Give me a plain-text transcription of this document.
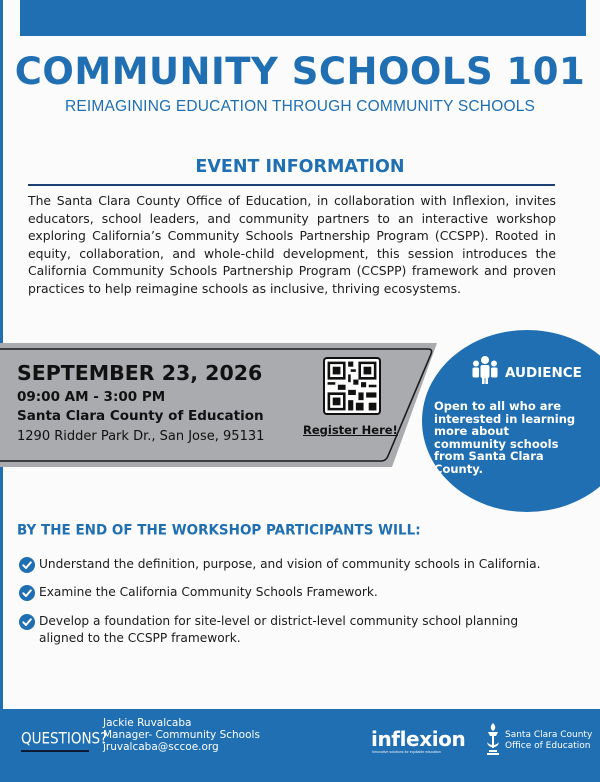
COMMUNITY SCHOOLS 101
REIMAGINING EDUCATION THROUGH COMMUNITY SCHOOLS
EVENT INFORMATION

The Santa Clara County Office of Education, in collaboration with Inflexion, invites educators, school leaders, and community partners to an interactive workshop exploring California’s Community Schools Partnership Program (CCSPP). Rooted in equity, collaboration, and whole-child development, this session introduces the California Community Schools Partnership Program (CCSPP) framework and proven practices to help reimagine schools as inclusive, thriving ecosystems.

SEPTEMBER 23, 2026
09:00 AM - 3:00 PM
Santa Clara County of Education
1290 Ridder Park Dr., San Jose, 95131	Register Here!
AUDIENCE
Open to all who are interested in learning more about community schools from Santa Clara County.
BY THE END OF THE WORKSHOP PARTICIPANTS WILL:
Understand the definition, purpose, and vision of community schools in California.
Examine the California Community Schools Framework.
Develop a foundation for site-level or district-level community school planning aligned to the CCSPP framework.
QUESTIONS?
Jackie Ruvalcaba
Manager- Community Schools
jruvalcaba@sccoe.org	inflexion
Innovative solutions for equitable education
Santa Clara County
Office of Education
